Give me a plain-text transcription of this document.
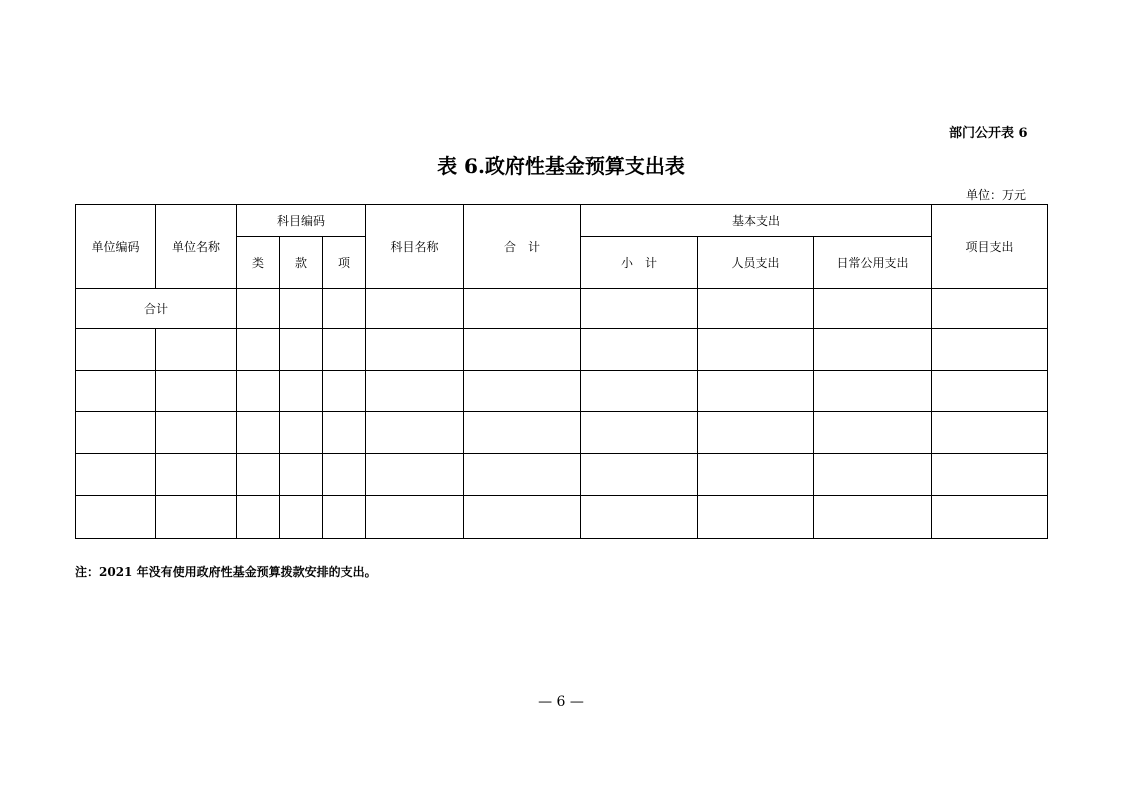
部门公开表 6
表 6.政府性基金预算支出表
单位：万元
单位编码	单位名称	科目编码			科目名称	合　计	基本支出			项目支出
		类	款	项			小　计	人员支出	日常公用支出	
合计										

注：2021 年没有使用政府性基金预算拨款安排的支出。
— 6 —
